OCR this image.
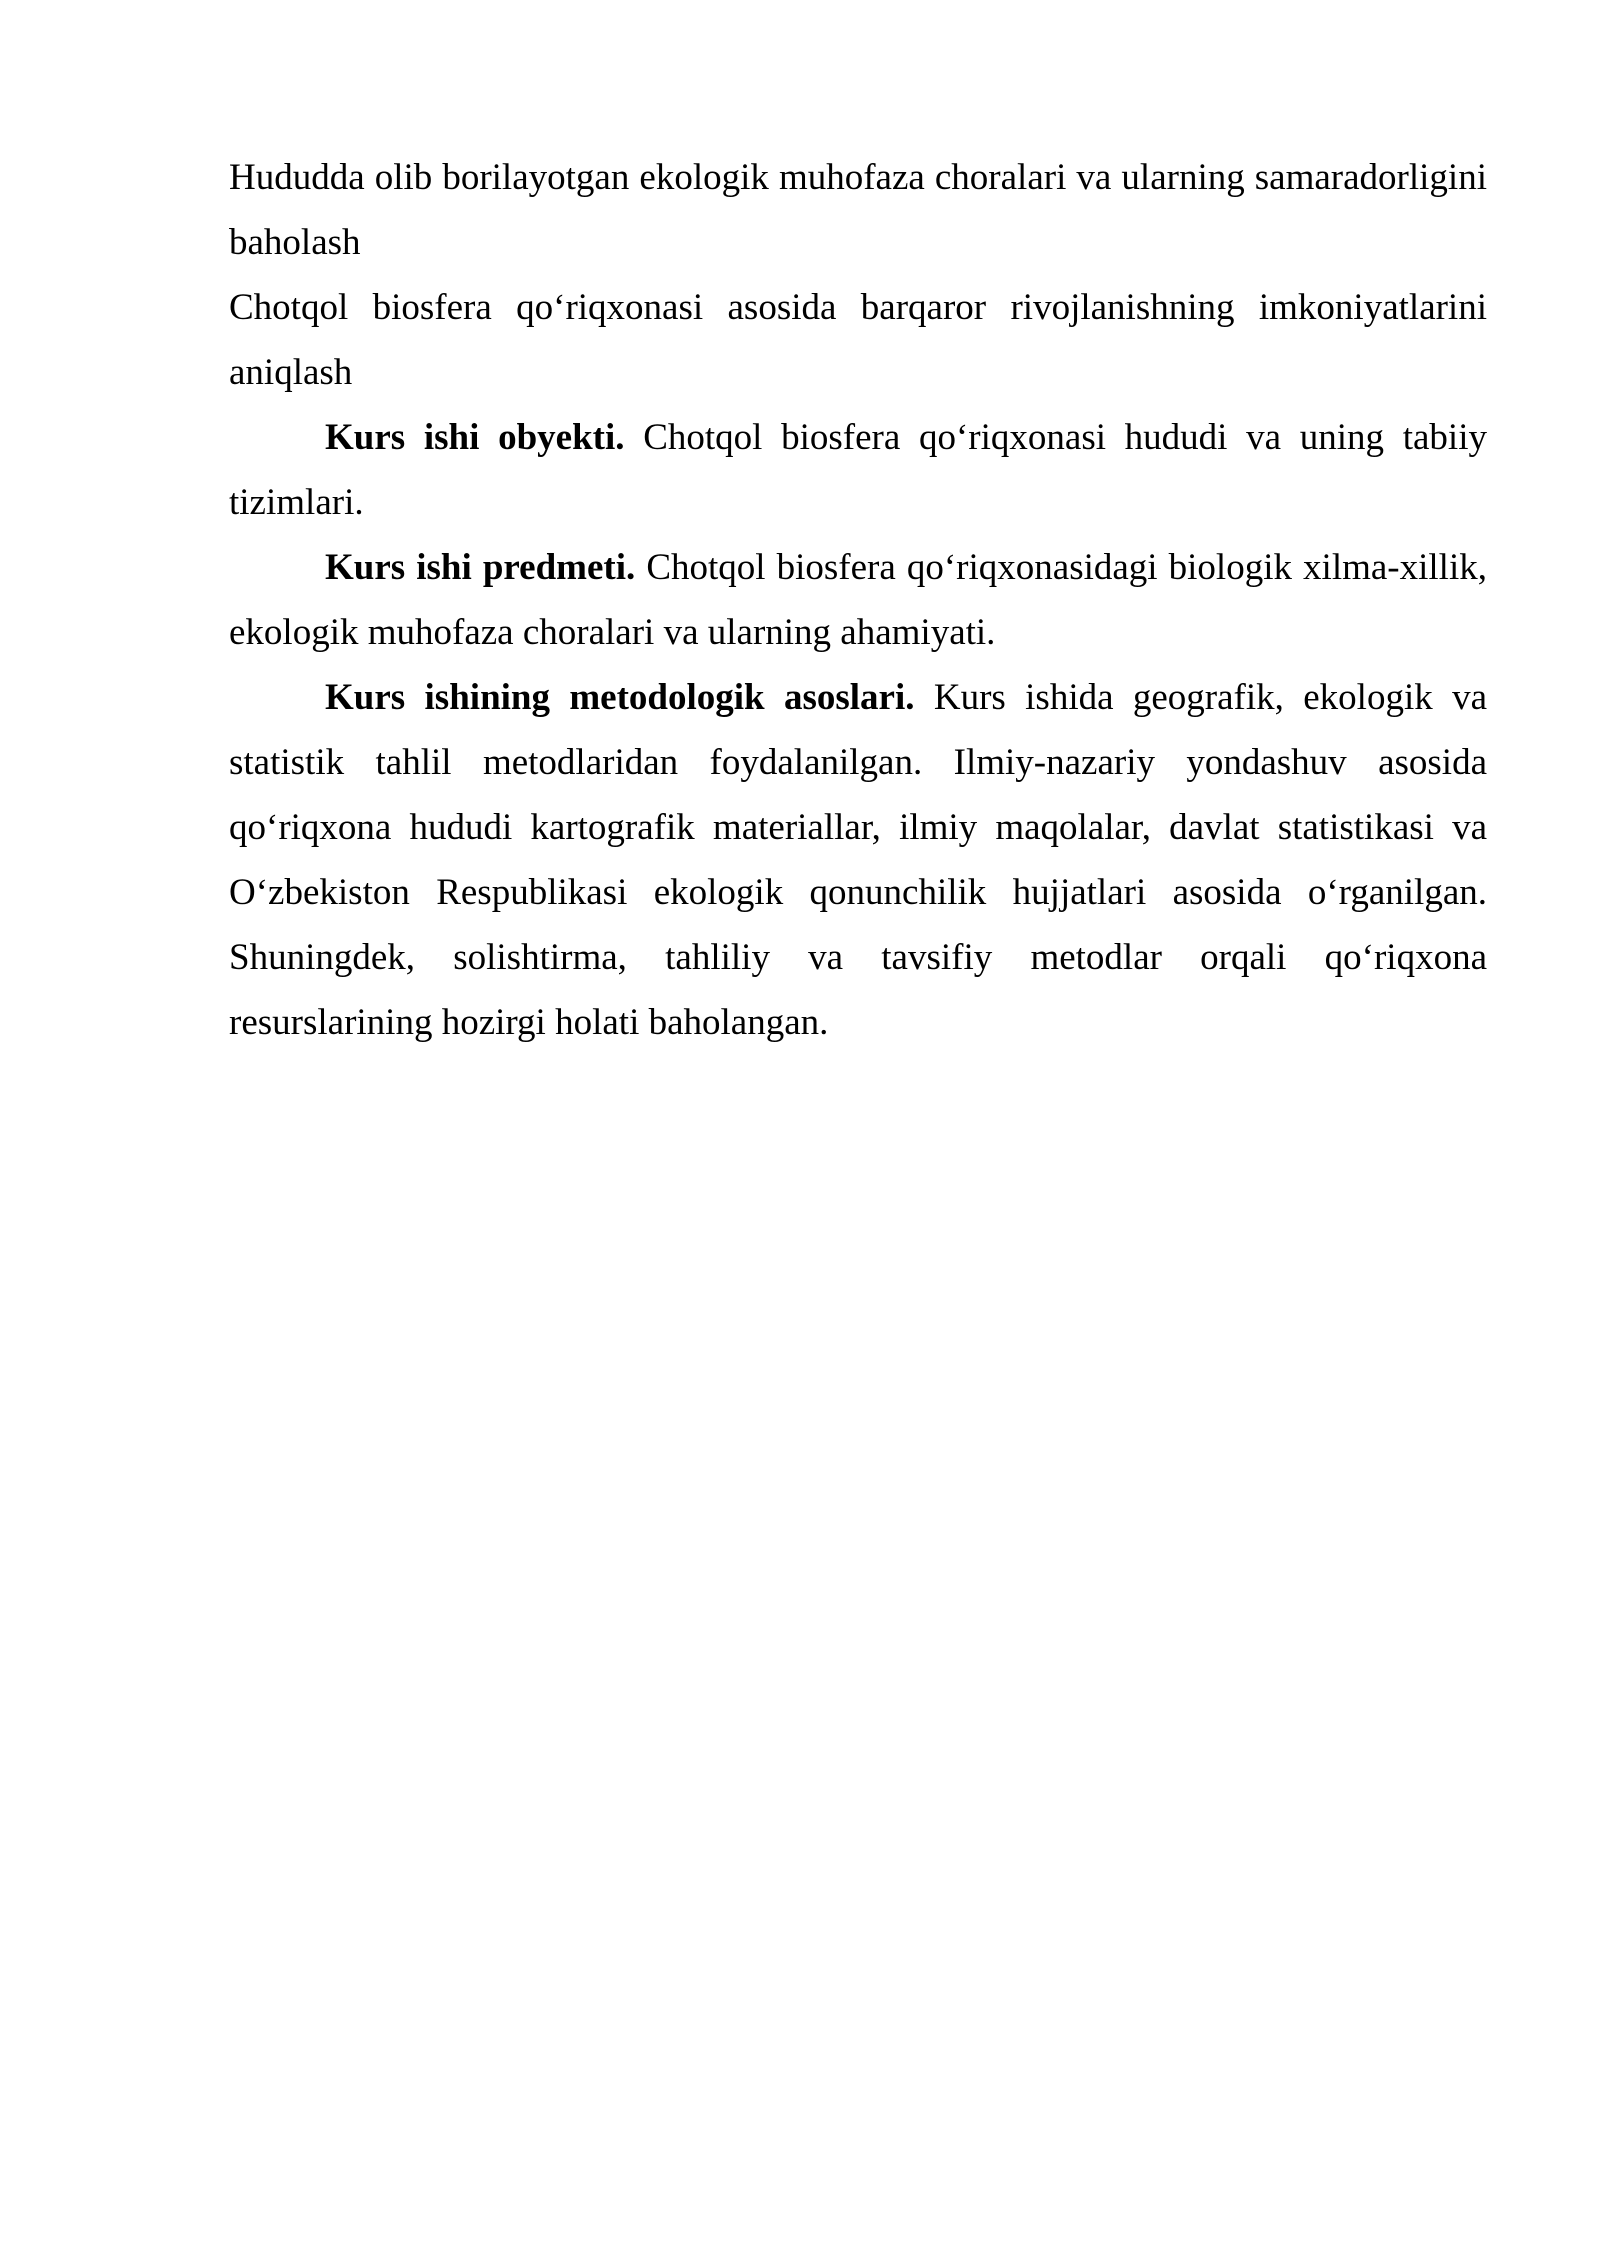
Hududda olib borilayotgan ekologik muhofaza choralari va ularning samaradorligini baholash

Chotqol biosfera qo‘riqxonasi asosida barqaror rivojlanishning imkoniyatlarini aniqlash

Kurs ishi obyekti. Chotqol biosfera qo‘riqxonasi hududi va uning tabiiy tizimlari.

Kurs ishi predmeti. Chotqol biosfera qo‘riqxonasidagi biologik xilma-xillik, ekologik muhofaza choralari va ularning ahamiyati.

Kurs ishining metodologik asoslari. Kurs ishida geografik, ekologik va statistik tahlil metodlaridan foydalanilgan. Ilmiy-nazariy yondashuv asosida qo‘riqxona hududi kartografik materiallar, ilmiy maqolalar, davlat statistikasi va O‘zbekiston Respublikasi ekologik qonunchilik hujjatlari asosida o‘rganilgan. Shuningdek, solishtirma, tahliliy va tavsifiy metodlar orqali qo‘riqxona resurslarining hozirgi holati baholangan.
